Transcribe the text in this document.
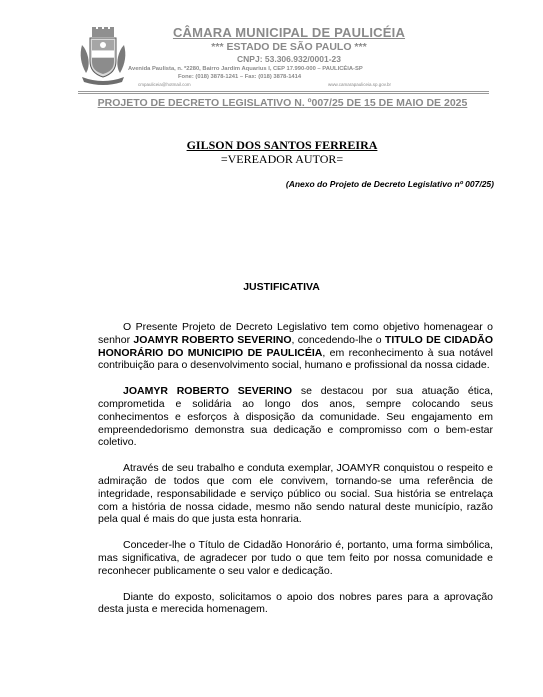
CÂMARA MUNICIPAL DE PAULICÉIA
*** ESTADO DE SÃO PAULO ***
CNPJ: 53.306.932/0001-23
Avenida Paulista, n. º2280, Bairro Jardim Aquarius I, CEP 17.990-000 – PAULICÉIA-SP
Fone: (018) 3878-1241 – Fax: (018) 3878-1414
cmpauliceia@hotmail.com	www.camarapauliceia.sp.gov.br
PROJETO DE DECRETO LEGISLATIVO N. º007/25 DE 15 DE MAIO DE 2025
GILSON DOS SANTOS FERREIRA
=VEREADOR AUTOR=
(Anexo do Projeto de Decreto Legislativo nº 007/25)
JUSTIFICATIVA

O Presente Projeto de Decreto Legislativo tem como objetivo homenagear o senhor JOAMYR ROBERTO SEVERINO, concedendo-lhe o TITULO DE CIDADÃO HONORÁRIO DO MUNICIPIO DE PAULICÉIA, em reconhecimento à sua notável contribuição para o desenvolvimento social, humano e profissional da nossa cidade.

JOAMYR ROBERTO SEVERINO se destacou por sua atuação ética, comprometida e solidária ao longo dos anos, sempre colocando seus conhecimentos e esforços à disposição da comunidade. Seu engajamento em empreendedorismo demonstra sua dedicação e compromisso com o bem-estar coletivo.

Através de seu trabalho e conduta exemplar, JOAMYR conquistou o respeito e admiração de todos que com ele convivem, tornando-se uma referência de integridade, responsabilidade e serviço público ou social. Sua história se entrelaça com a história de nossa cidade, mesmo não sendo natural deste município, razão pela qual é mais do que justa esta honraria.

Conceder-lhe o Título de Cidadão Honorário é, portanto, uma forma simbólica, mas significativa, de agradecer por tudo o que tem feito por nossa comunidade e reconhecer publicamente o seu valor e dedicação.

Diante do exposto, solicitamos o apoio dos nobres pares para a aprovação desta justa e merecida homenagem.
